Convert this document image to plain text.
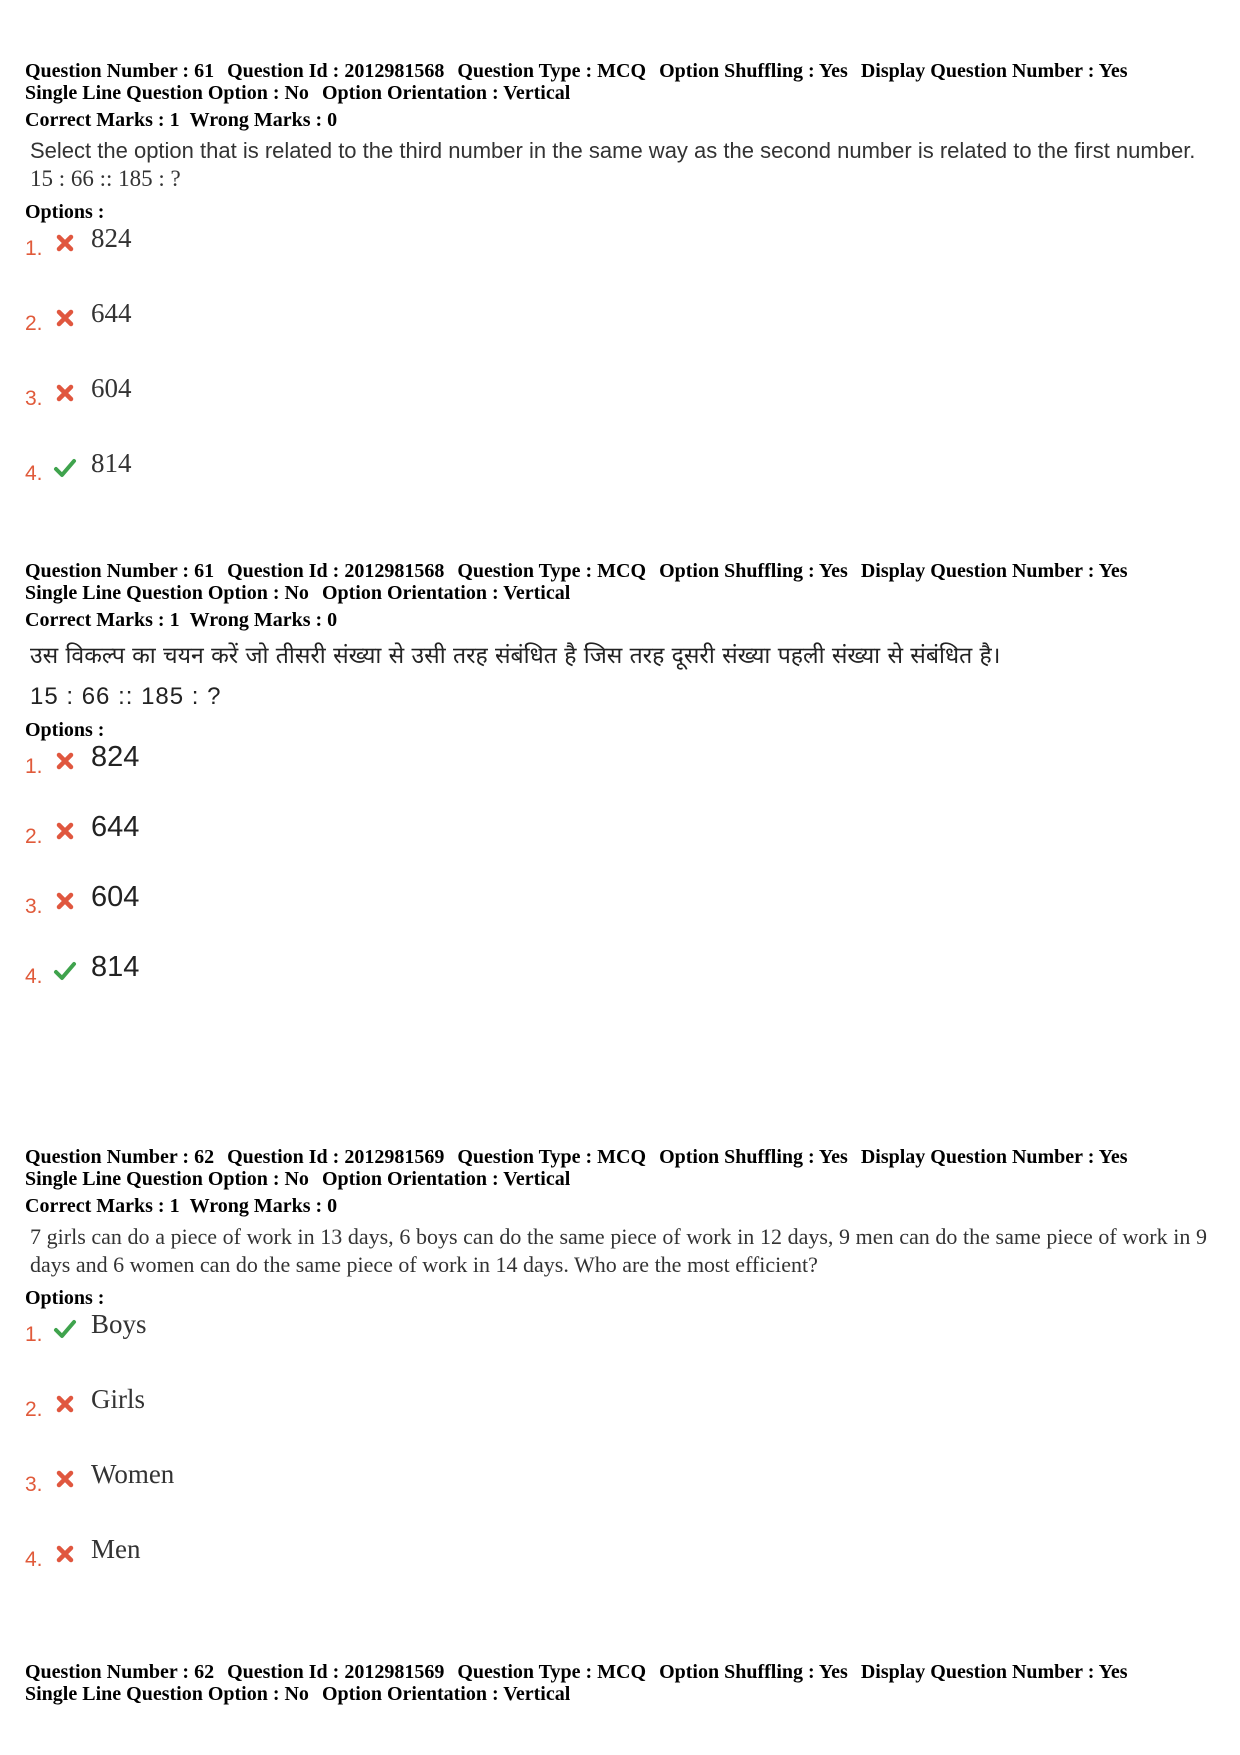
Question Number : 61 Question Id : 2012981568 Question Type : MCQ Option Shuffling : Yes Display Question Number : Yes
Single Line Question Option : No Option Orientation : Vertical
Correct Marks : 1 Wrong Marks : 0
Select the option that is related to the third number in the same way as the second number is related to the first number.
15 : 66 :: 185 : ?
Options :
1. 824
2. 644
3. 604
4. 814
Question Number : 61 Question Id : 2012981568 Question Type : MCQ Option Shuffling : Yes Display Question Number : Yes
Single Line Question Option : No Option Orientation : Vertical
Correct Marks : 1 Wrong Marks : 0
उस विकल्प का चयन करें जो तीसरी संख्या से उसी तरह संबंधित है जिस तरह दूसरी संख्या पहली संख्या से संबंधित है।
15 : 66 :: 185 : ?
Options :
1. 824
2. 644
3. 604
4. 814
Question Number : 62 Question Id : 2012981569 Question Type : MCQ Option Shuffling : Yes Display Question Number : Yes
Single Line Question Option : No Option Orientation : Vertical
Correct Marks : 1 Wrong Marks : 0
7 girls can do a piece of work in 13 days, 6 boys can do the same piece of work in 12 days, 9 men can do the same piece of work in 9 days and 6 women can do the same piece of work in 14 days. Who are the most efficient?
Options :
1. Boys
2. Girls
3. Women
4. Men
Question Number : 62 Question Id : 2012981569 Question Type : MCQ Option Shuffling : Yes Display Question Number : Yes
Single Line Question Option : No Option Orientation : Vertical
